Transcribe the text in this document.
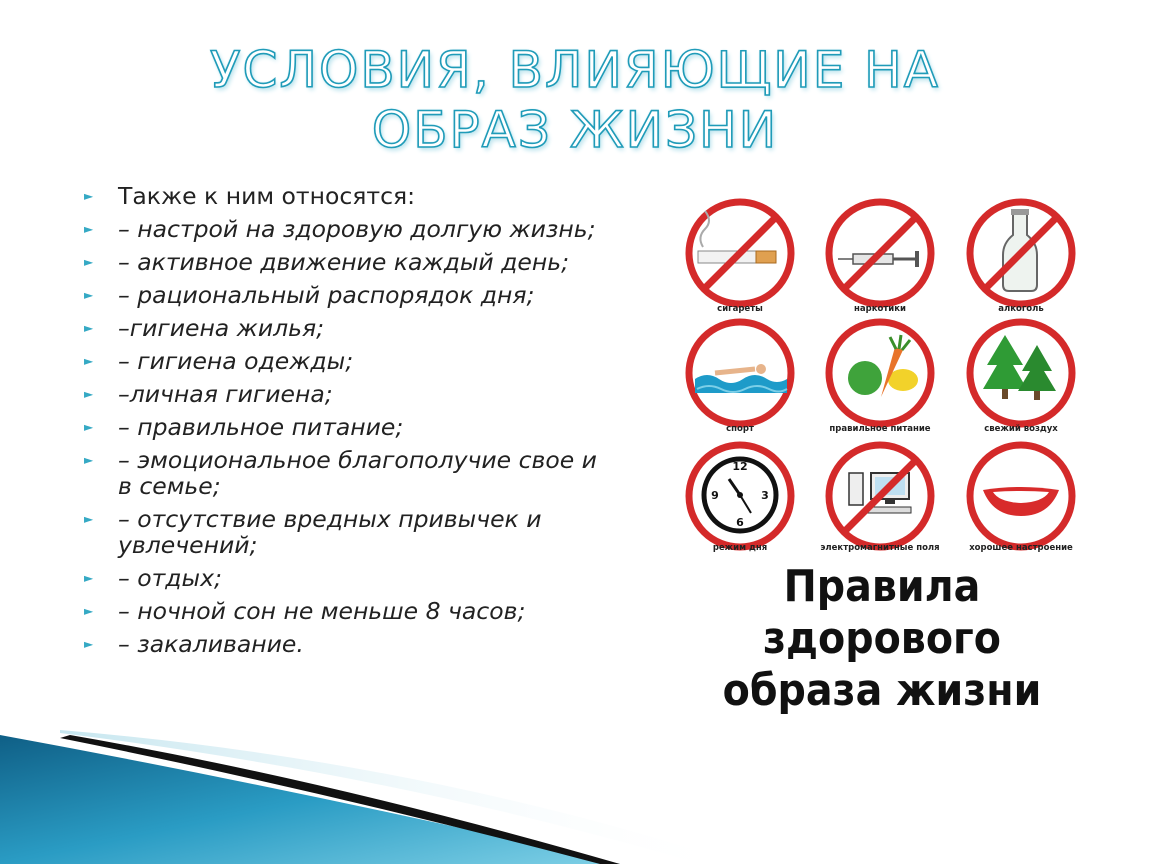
УСЛОВИЯ, ВЛИЯЮЩИЕ НА
ОБРАЗ ЖИЗНИ
► Также к ним относятся:
► – настрой на здоровую долгую жизнь;
► – активное движение каждый день;
► – рациональный распорядок дня;
► –гигиена жилья;
► – гигиена одежды;
► –личная гигиена;
► – правильное питание;
► – эмоциональное благополучие свое и в семье;
► – отсутствие вредных привычек и увлечений;
► – отдых;
► – ночной сон не меньше 8 часов;
► – закаливание.
12
3
6
9
сигареты	наркотики	алкоголь
спорт	правильное питание	свежий воздух
режим дня	электромагнитные поля	хорошее настроение
Правила
здорового
образа жизни
